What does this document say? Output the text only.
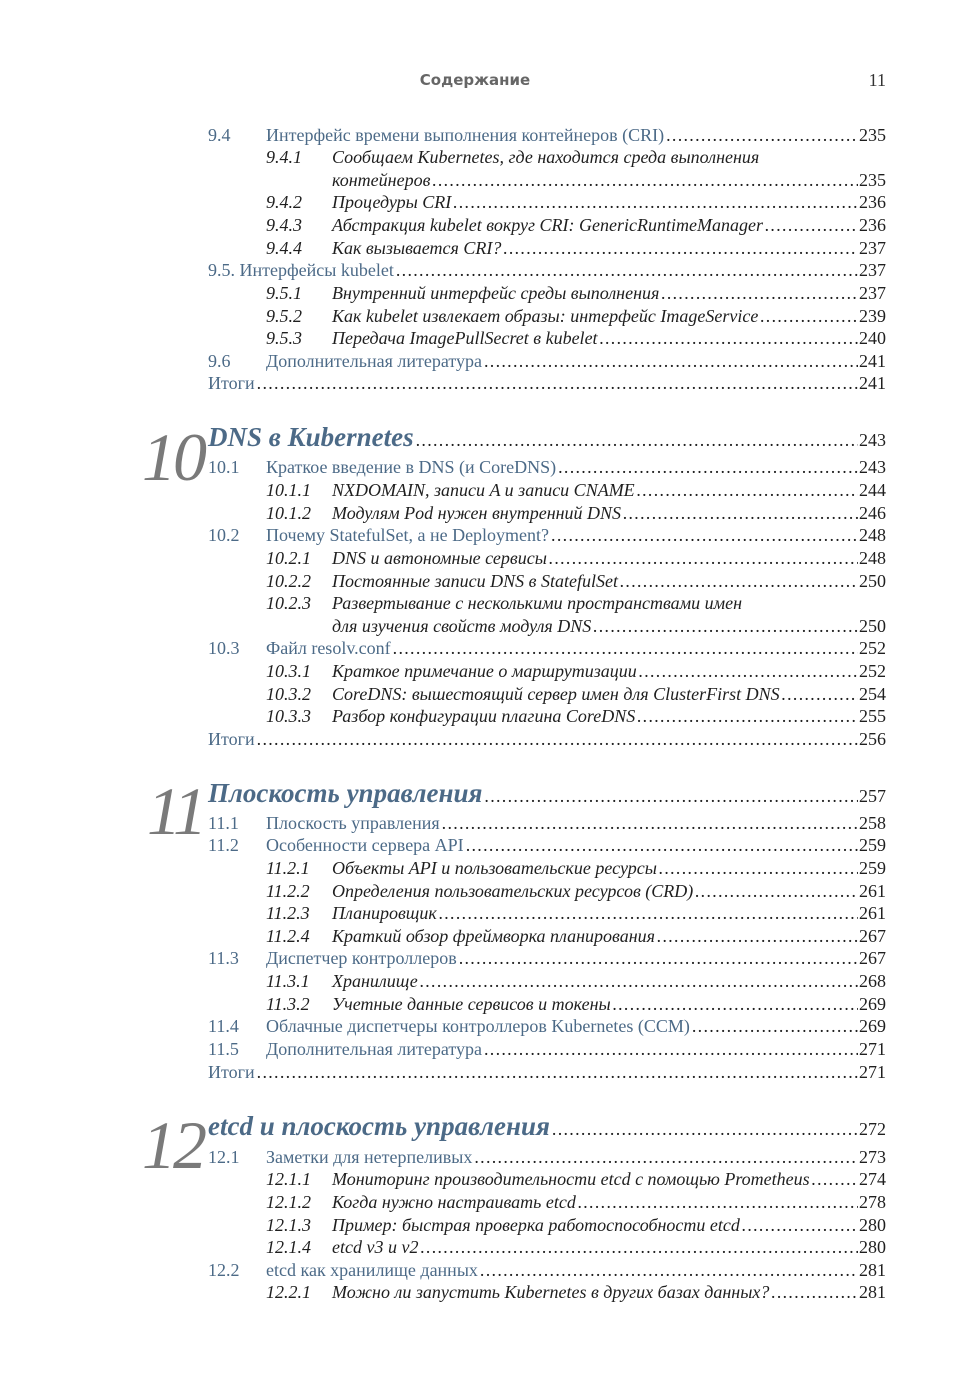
Содержание	11
9.4	Интерфейс времени выполнения контейнеров (CRI) . . .	235
9.4.1	Сообщаем Kubernetes, где находится среда выполнения
контейнеров . . .	235
9.4.2	Процедуры CRI . . .	236
9.4.3	Абстракция kubelet вокруг CRI: GenericRuntimeManager . . .	236
9.4.4	Как вызывается CRI? . . .	237
9.5. Интерфейсы kubelet . . .	237
9.5.1	Внутренний интерфейс среды выполнения . . .	237
9.5.2	Как kubelet извлекает образы: интерфейс ImageService . . .	239
9.5.3	Передача ImagePullSecret в kubelet . . .	240
9.6	Дополнительная литература . . .	241
Итоги . . .	241
10 DNS в Kubernetes . . .	243
10.1	Краткое введение в DNS (и CoreDNS) . . .	243
10.1.1	NXDOMAIN, записи A и записи CNAME . . .	244
10.1.2	Модулям Pod нужен внутренний DNS . . .	246
10.2	Почему StatefulSet, а не Deployment? . . .	248
10.2.1	DNS и автономные сервисы . . .	248
10.2.2	Постоянные записи DNS в StatefulSet . . .	250
10.2.3	Развертывание с несколькими пространствами имен
для изучения свойств модуля DNS . . .	250
10.3	Файл resolv.conf . . .	252
10.3.1	Краткое примечание о маршрутизации . . .	252
10.3.2	CoreDNS: вышестоящий сервер имен для ClusterFirst DNS . . .	254
10.3.3	Разбор конфигурации плагина CoreDNS . . .	255
Итоги . . .	256
11 Плоскость управления . . .	257
11.1	Плоскость управления . . .	258
11.2	Особенности сервера API . . .	259
11.2.1	Объекты API и пользовательские ресурсы . . .	259
11.2.2	Определения пользовательских ресурсов (CRD) . . .	261
11.2.3	Планировщик . . .	261
11.2.4	Краткий обзор фреймворка планирования . . .	267
11.3	Диспетчер контроллеров . . .	267
11.3.1	Хранилище . . .	268
11.3.2	Учетные данные сервисов и токены . . .	269
11.4	Облачные диспетчеры контроллеров Kubernetes (CCM) . . .	269
11.5	Дополнительная литература . . .	271
Итоги . . .	271
12 etcd и плоскость управления . . .	272
12.1	Заметки для нетерпеливых . . .	273
12.1.1	Мониторинг производительности etcd с помощью Prometheus . . .	274
12.1.2	Когда нужно настраивать etcd . . .	278
12.1.3	Пример: быстрая проверка работоспособности etcd . . .	280
12.1.4	etcd v3 и v2 . . .	280
12.2	etcd как хранилище данных . . .	281
12.2.1	Можно ли запустить Kubernetes в других базах данных? . . .	281
